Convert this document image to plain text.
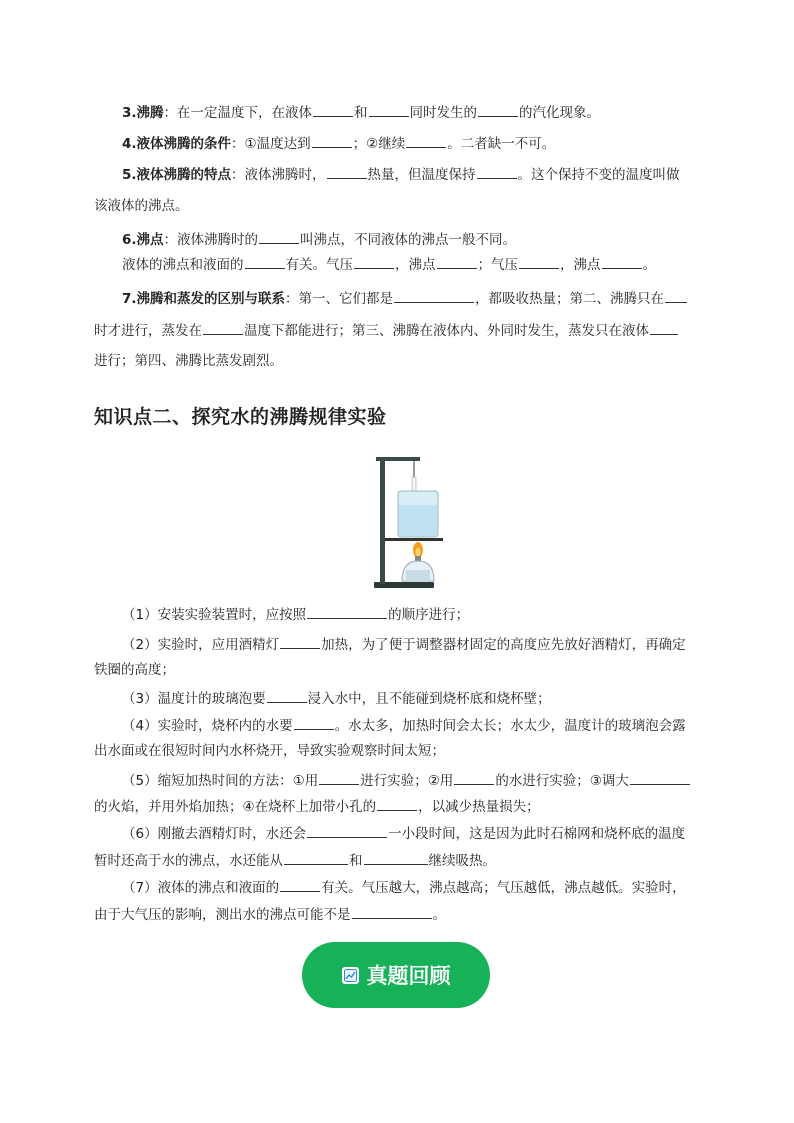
3.沸腾：在一定温度下，在液体	和	同时发生的	的汽化现象。
4.液体沸腾的条件：①温度达到	；②继续	。二者缺一不可。
5.液体沸腾的特点：液体沸腾时，	热量，但温度保持	。这个保持不变的温度叫做
该液体的沸点。
6.沸点：液体沸腾时的	叫沸点，不同液体的沸点一般不同。
液体的沸点和液面的	有关。气压	，沸点	；气压	，沸点	。
7.沸腾和蒸发的区别与联系：第一、它们都是	，都吸收热量；第二、沸腾只在
时才进行，蒸发在	温度下都能进行；第三、沸腾在液体内、外同时发生，蒸发只在液体
进行；第四、沸腾比蒸发剧烈。
知识点二、探究水的沸腾规律实验
（1）安装实验装置时，应按照	的顺序进行；
（2）实验时，应用酒精灯	加热，为了便于调整器材固定的高度应先放好酒精灯，再确定
铁圈的高度；
（3）温度计的玻璃泡要	浸入水中，且不能碰到烧杯底和烧杯壁；
（4）实验时，烧杯内的水要	。水太多，加热时间会太长；水太少，温度计的玻璃泡会露
出水面或在很短时间内水杯烧开，导致实验观察时间太短；
（5）缩短加热时间的方法：①用	进行实验；②用	的水进行实验；③调大
的火焰，并用外焰加热；④在烧杯上加带小孔的	，以减少热量损失；
（6）刚撤去酒精灯时，水还会	一小段时间，这是因为此时石棉网和烧杯底的温度
暂时还高于水的沸点，水还能从	和	继续吸热。
（7）液体的沸点和液面的	有关。气压越大，沸点越高；气压越低，沸点越低。实验时，
由于大气压的影响，测出水的沸点可能不是	。
真题回顾
